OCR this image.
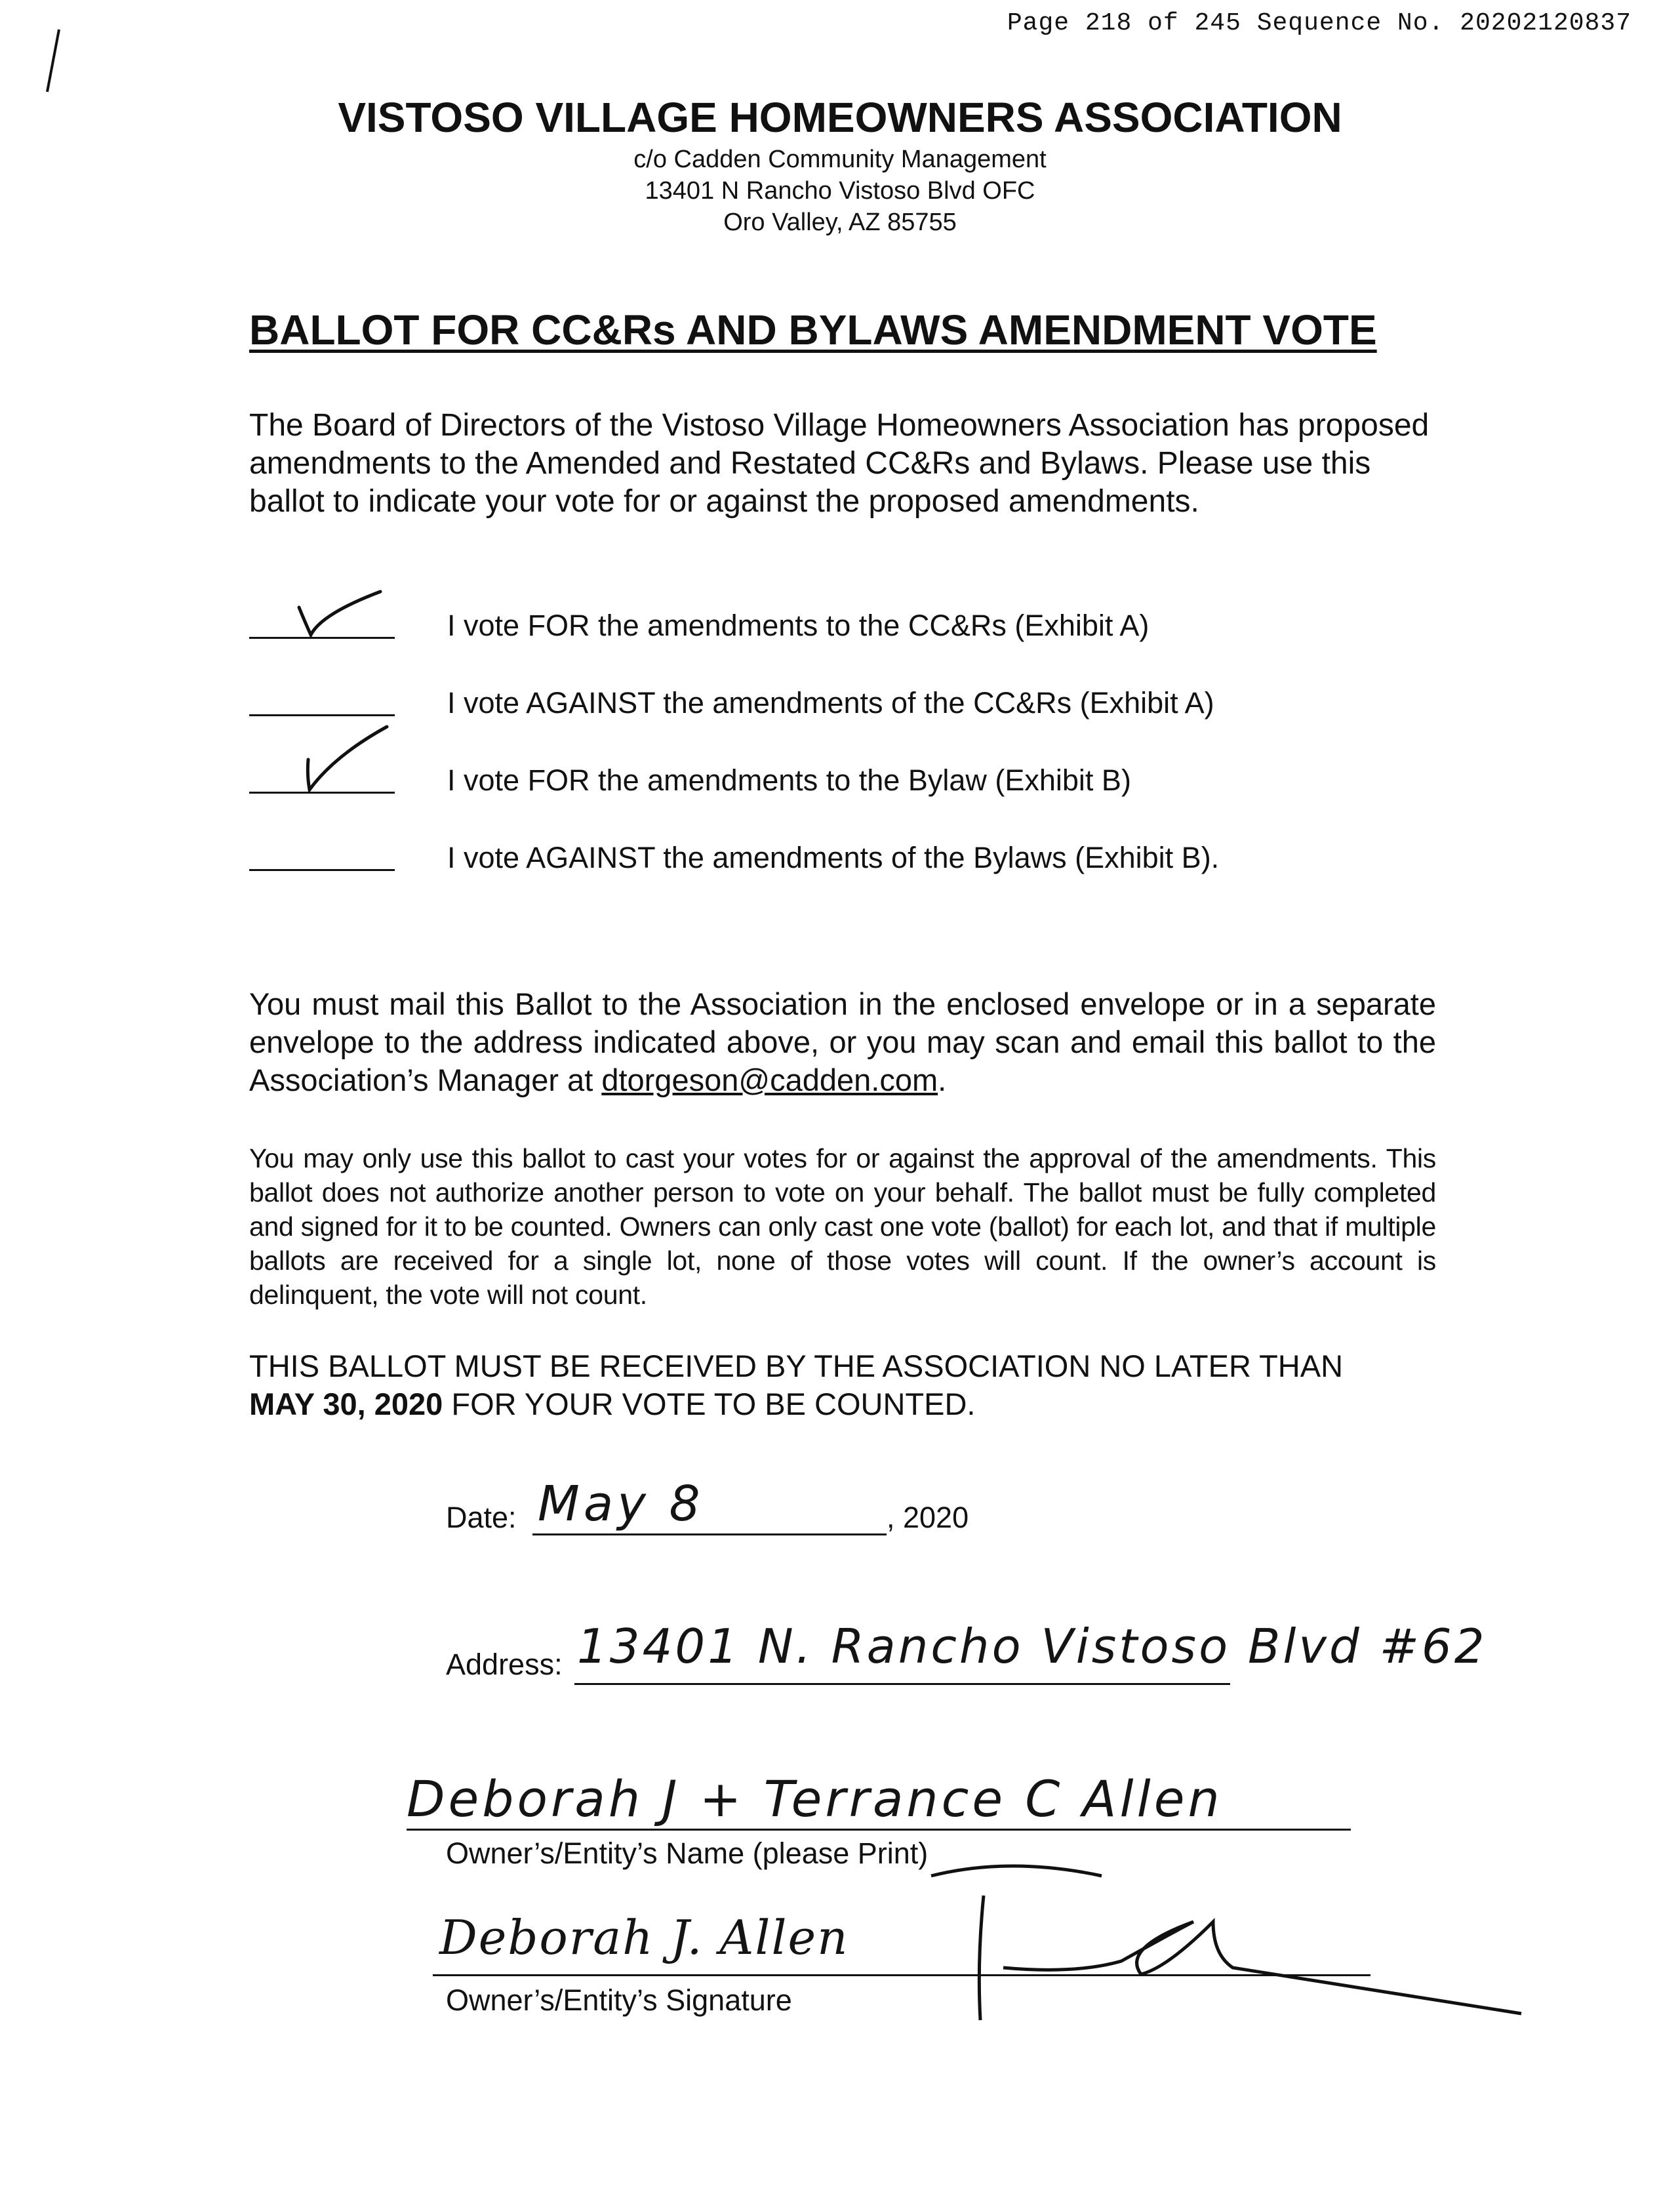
Page 218 of 245 Sequence No. 20202120837
VISTOSO VILLAGE HOMEOWNERS ASSOCIATION
c/o Cadden Community Management
13401 N Rancho Vistoso Blvd OFC
Oro Valley, AZ 85755
BALLOT FOR CC&Rs AND BYLAWS AMENDMENT VOTE
The Board of Directors of the Vistoso Village Homeowners Association has proposed amendments to the Amended and Restated CC&Rs and Bylaws. Please use this ballot to indicate your vote for or against the proposed amendments.
I vote FOR the amendments to the CC&Rs (Exhibit A)
I vote AGAINST the amendments of the CC&Rs (Exhibit A)
I vote FOR the amendments to the Bylaw (Exhibit B)
I vote AGAINST the amendments of the Bylaws (Exhibit B).
You must mail this Ballot to the Association in the enclosed envelope or in a separate envelope to the address indicated above, or you may scan and email this ballot to the Association’s Manager at dtorgeson@cadden.com.
You may only use this ballot to cast your votes for or against the approval of the amendments. This ballot does not authorize another person to vote on your behalf. The ballot must be fully completed and signed for it to be counted. Owners can only cast one vote (ballot) for each lot, and that if multiple ballots are received for a single lot, none of those votes will count. If the owner’s account is delinquent, the vote will not count.
THIS BALLOT MUST BE RECEIVED BY THE ASSOCIATION NO LATER THAN
MAY 30, 2020 FOR YOUR VOTE TO BE COUNTED.
Date: May 8	, 2020
Address: 13401 N. Rancho Vistoso Blvd #62
Deborah J + Terrance C Allen
Owner’s/Entity’s Name (please Print)
Deborah J. Allen
Owner’s/Entity’s Signature
